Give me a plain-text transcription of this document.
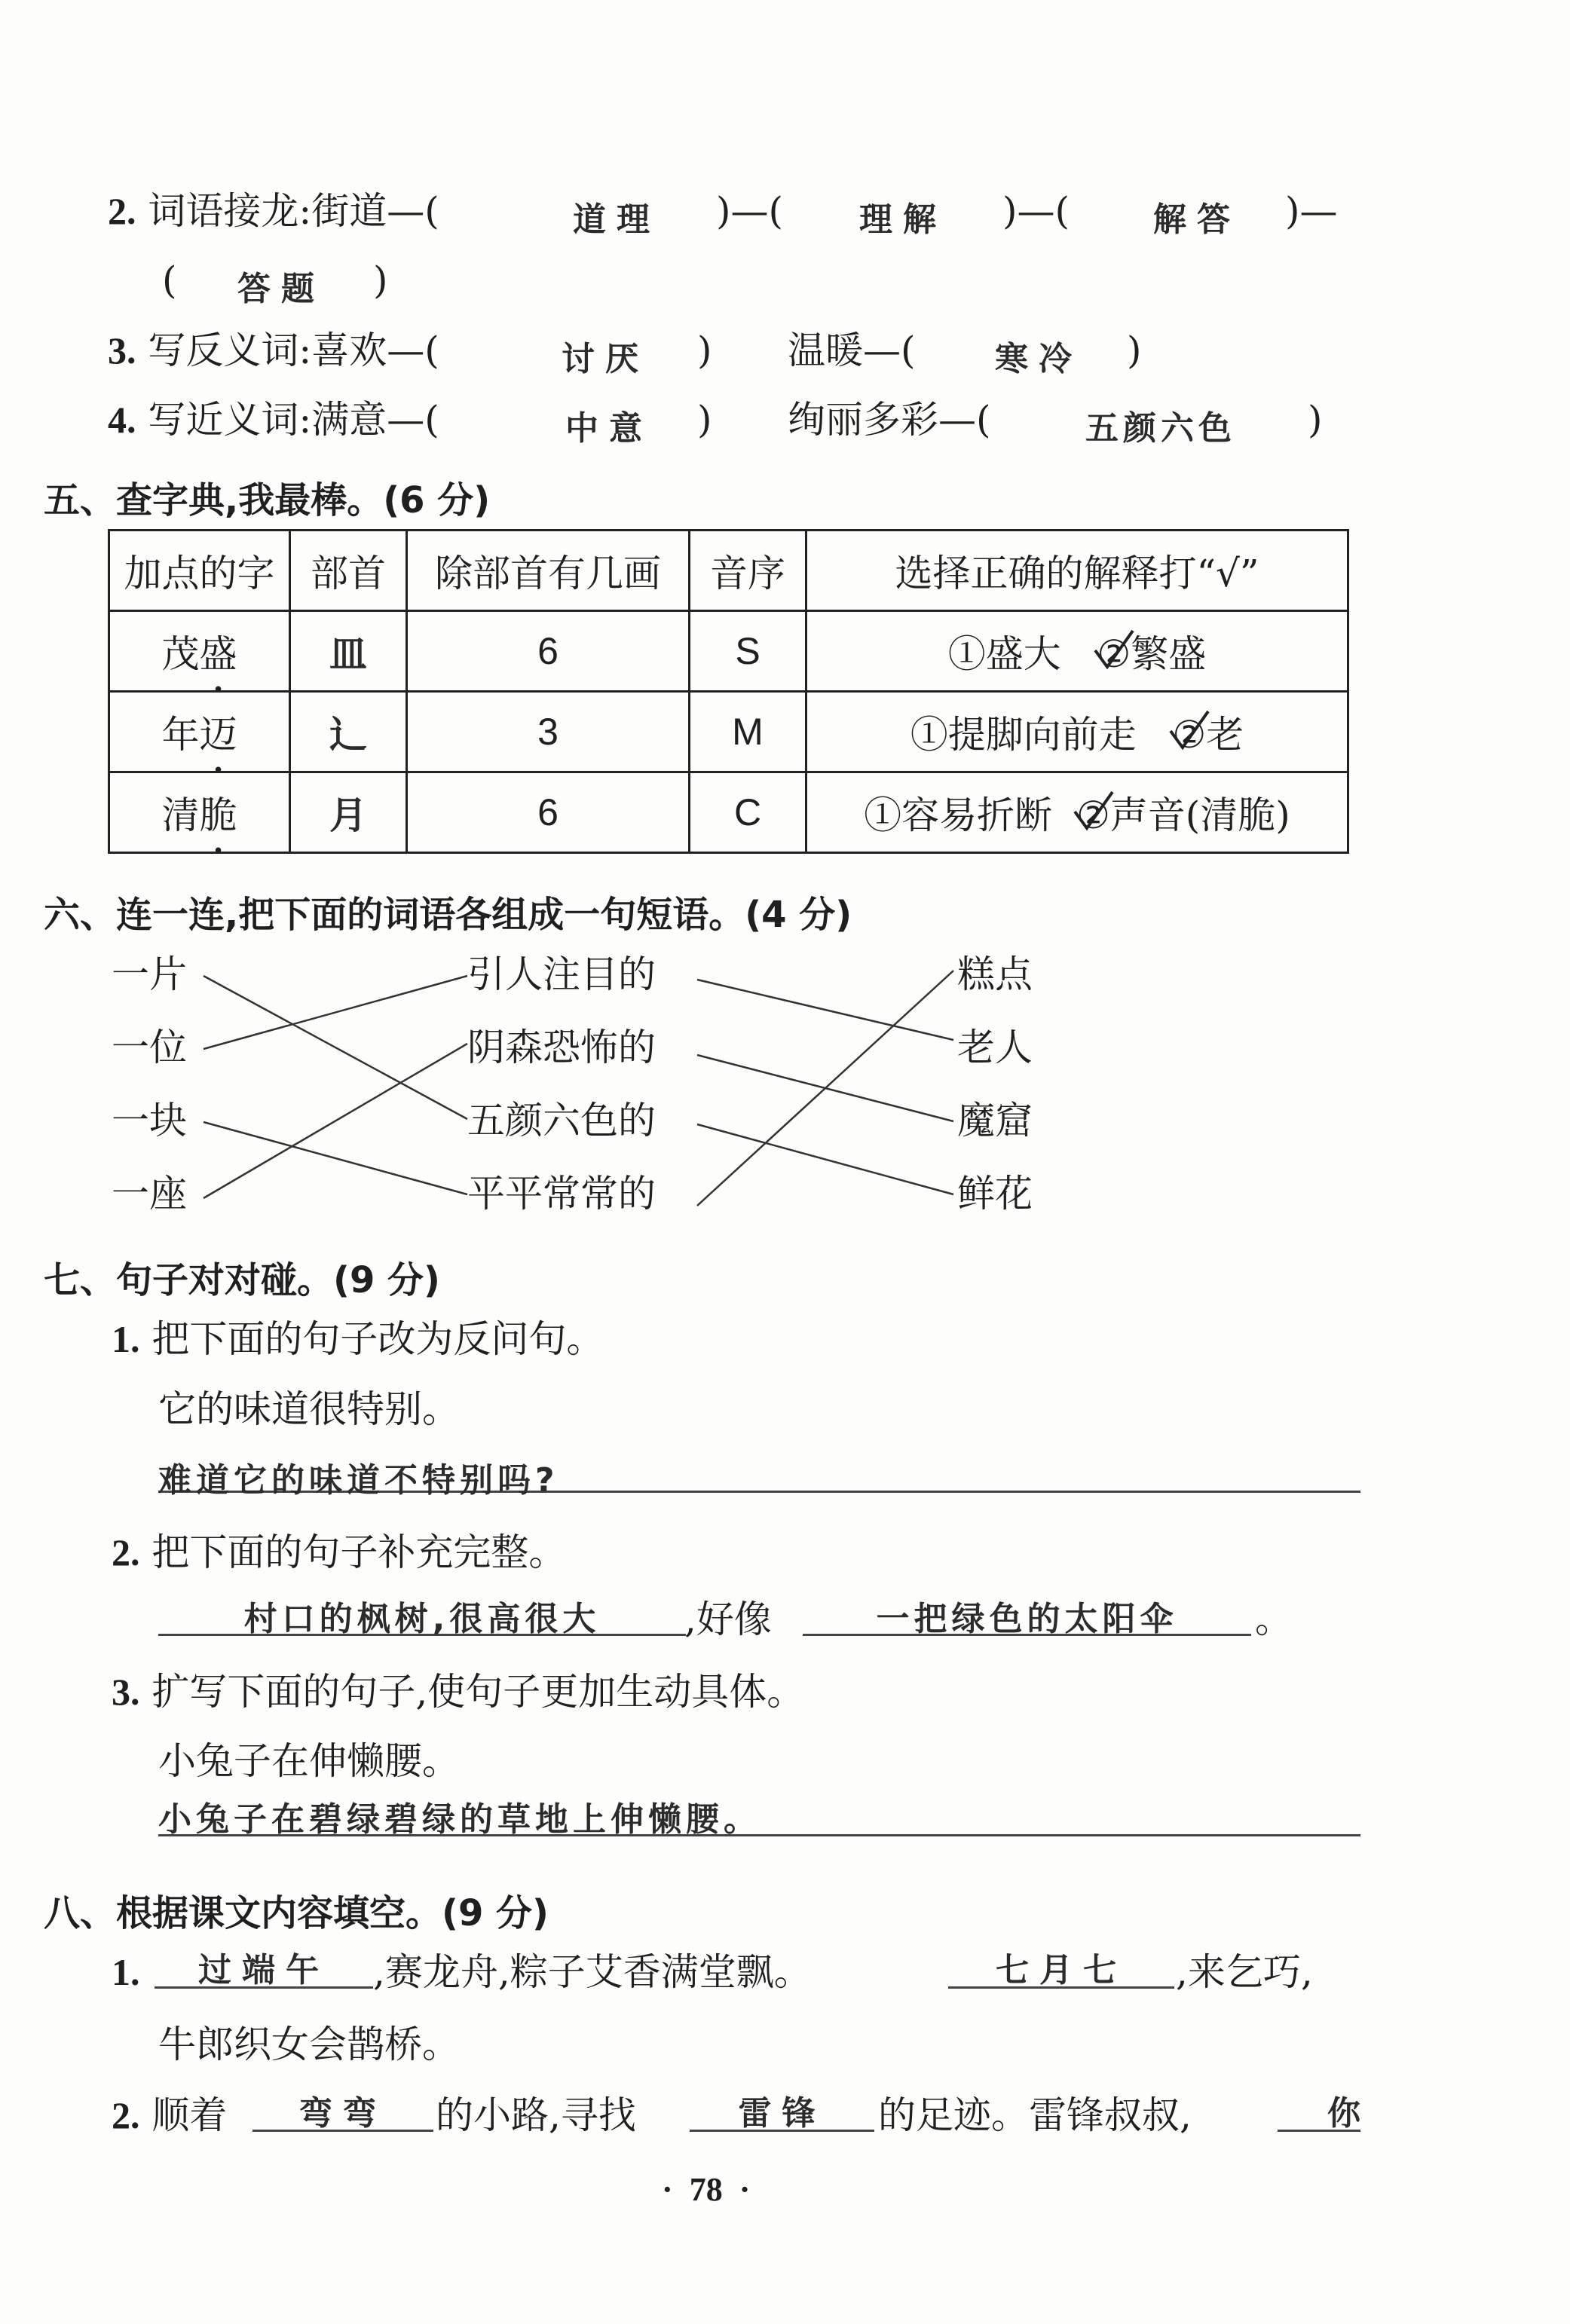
2. 词语接龙:街道—(	道理 )—( 理解 )—(	解答 )—
( 答题 )
3. 写反义词:喜欢—(	讨厌 ) 温暖—( 寒冷 )
4. 写近义词:满意—(	中意 ) 绚丽多彩—(	五颜六色 )
五、查字典,我最棒。(6 分)
加点的字	部首	除部首有几画	音序	选择正确的解释打“√”
茂盛	皿	6	S	①盛大 ②繁盛
年迈	辶	3	M	①提脚向前走 ②老
清脆	月	6	C	①容易折断 ②声音(清脆)
六、连一连,把下面的词语各组成一句短语。(4 分)
一片
一位
一块
一座
引人注目的
阴森恐怖的
五颜六色的
平平常常的
糕点
老人
魔窟
鲜花
七、句子对对碰。(9 分)
1. 把下面的句子改为反问句。
它的味道很特别。
难道它的味道不特别吗?
2. 把下面的句子补充完整。
村口的枫树,很高很大	,好像	一把绿色的太阳伞	。
3. 扩写下面的句子,使句子更加生动具体。
小兔子在伸懒腰。
小兔子在碧绿碧绿的草地上伸懒腰。
八、根据课文内容填空。(9 分)
1.	过端午	,赛龙舟,粽子艾香满堂飘。	七月七	,来乞巧,
牛郎织女会鹊桥。
2. 顺着	弯弯	的小路,寻找	雷锋	的足迹。雷锋叔叔,	你
·  78  ·
